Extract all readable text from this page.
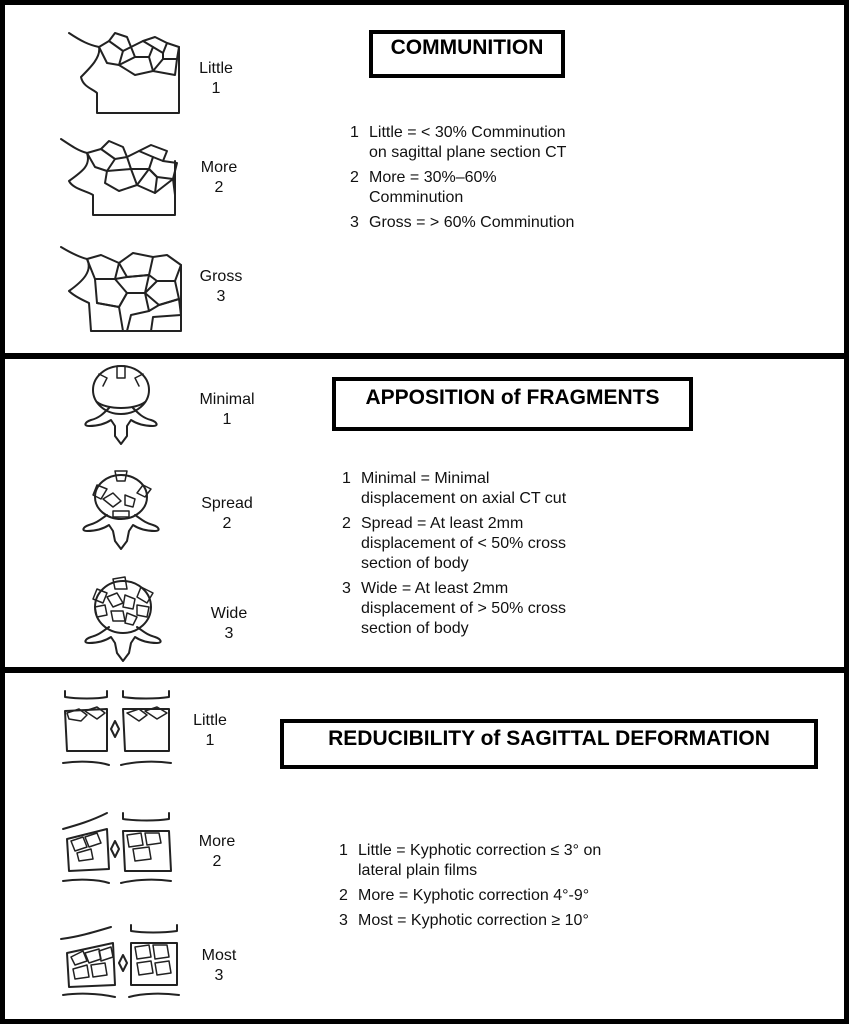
Little
1
More
2
Gross
3
COMMUNITION
1 Little = < 30% Comminution
on sagittal plane section CT
2 More = 30%–60%
Comminution
3 Gross = > 60% Comminution
Minimal
1
Spread
2
Wide
3
APPOSITION of FRAGMENTS
1 Minimal = Minimal
displacement on axial CT cut
2 Spread = At least 2mm
displacement of < 50% cross
section of body
3 Wide = At least 2mm
displacement of > 50% cross
section of body
Little
1
More
2
Most
3
REDUCIBILITY of SAGITTAL DEFORMATION
1 Little = Kyphotic correction ≤ 3° on
lateral plain films
2 More = Kyphotic correction 4°-9°
3 Most = Kyphotic correction ≥ 10°
